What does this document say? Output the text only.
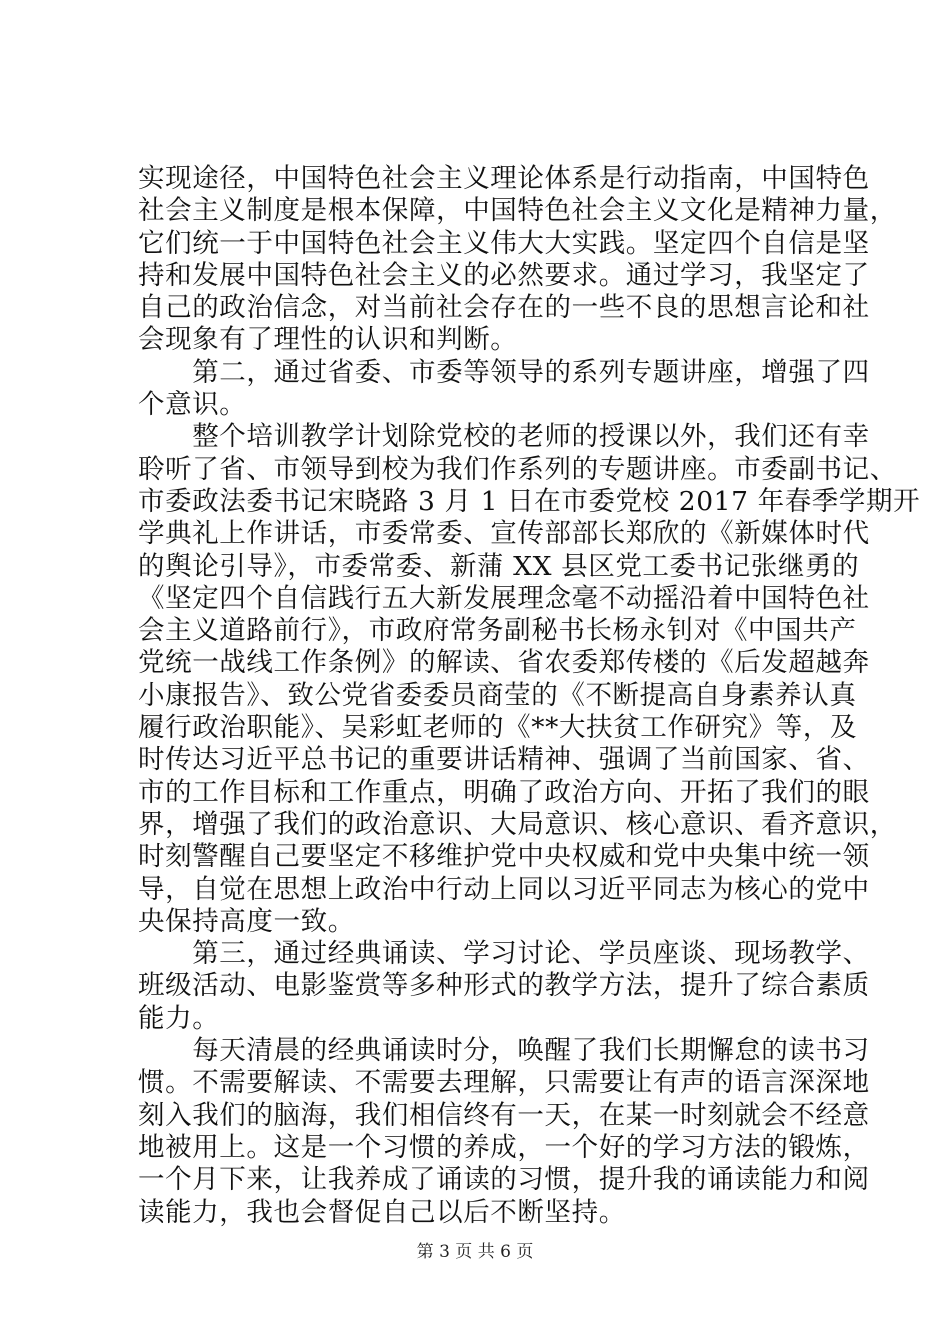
实现途径，中国特色社会主义理论体系是行动指南，中国特色
社会主义制度是根本保障，中国特色社会主义文化是精神力量，
它们统一于中国特色社会主义伟大大实践。坚定四个自信是坚
持和发展中国特色社会主义的必然要求。通过学习，我坚定了
自己的政治信念，对当前社会存在的一些不良的思想言论和社
会现象有了理性的认识和判断。
　　第二，通过省委、市委等领导的系列专题讲座，增强了四
个意识。
　　整个培训教学计划除党校的老师的授课以外，我们还有幸
聆听了省、市领导到校为我们作系列的专题讲座。市委副书记、
市委政法委书记宋晓路 3 月 1 日在市委党校 2017 年春季学期开
学典礼上作讲话，市委常委、宣传部部长郑欣的《新媒体时代
的舆论引导》，市委常委、新蒲 XX 县区党工委书记张继勇的
《坚定四个自信践行五大新发展理念毫不动摇沿着中国特色社
会主义道路前行》，市政府常务副秘书长杨永钊对《中国共产
党统一战线工作条例》的解读、省农委郑传楼的《后发超越奔
小康报告》、致公党省委委员商莹的《不断提高自身素养认真
履行政治职能》、吴彩虹老师的《**大扶贫工作研究》等，及
时传达习近平总书记的重要讲话精神、强调了当前国家、省、
市的工作目标和工作重点，明确了政治方向、开拓了我们的眼
界，增强了我们的政治意识、大局意识、核心意识、看齐意识，
时刻警醒自己要坚定不移维护党中央权威和党中央集中统一领
导，自觉在思想上政治中行动上同以习近平同志为核心的党中
央保持高度一致。
　　第三，通过经典诵读、学习讨论、学员座谈、现场教学、
班级活动、电影鉴赏等多种形式的教学方法，提升了综合素质
能力。
　　每天清晨的经典诵读时分，唤醒了我们长期懈怠的读书习
惯。不需要解读、不需要去理解，只需要让有声的语言深深地
刻入我们的脑海，我们相信终有一天，在某一时刻就会不经意
地被用上。这是一个习惯的养成，一个好的学习方法的锻炼，
一个月下来，让我养成了诵读的习惯，提升我的诵读能力和阅
读能力，我也会督促自己以后不断坚持。
第 3 页 共 6 页
